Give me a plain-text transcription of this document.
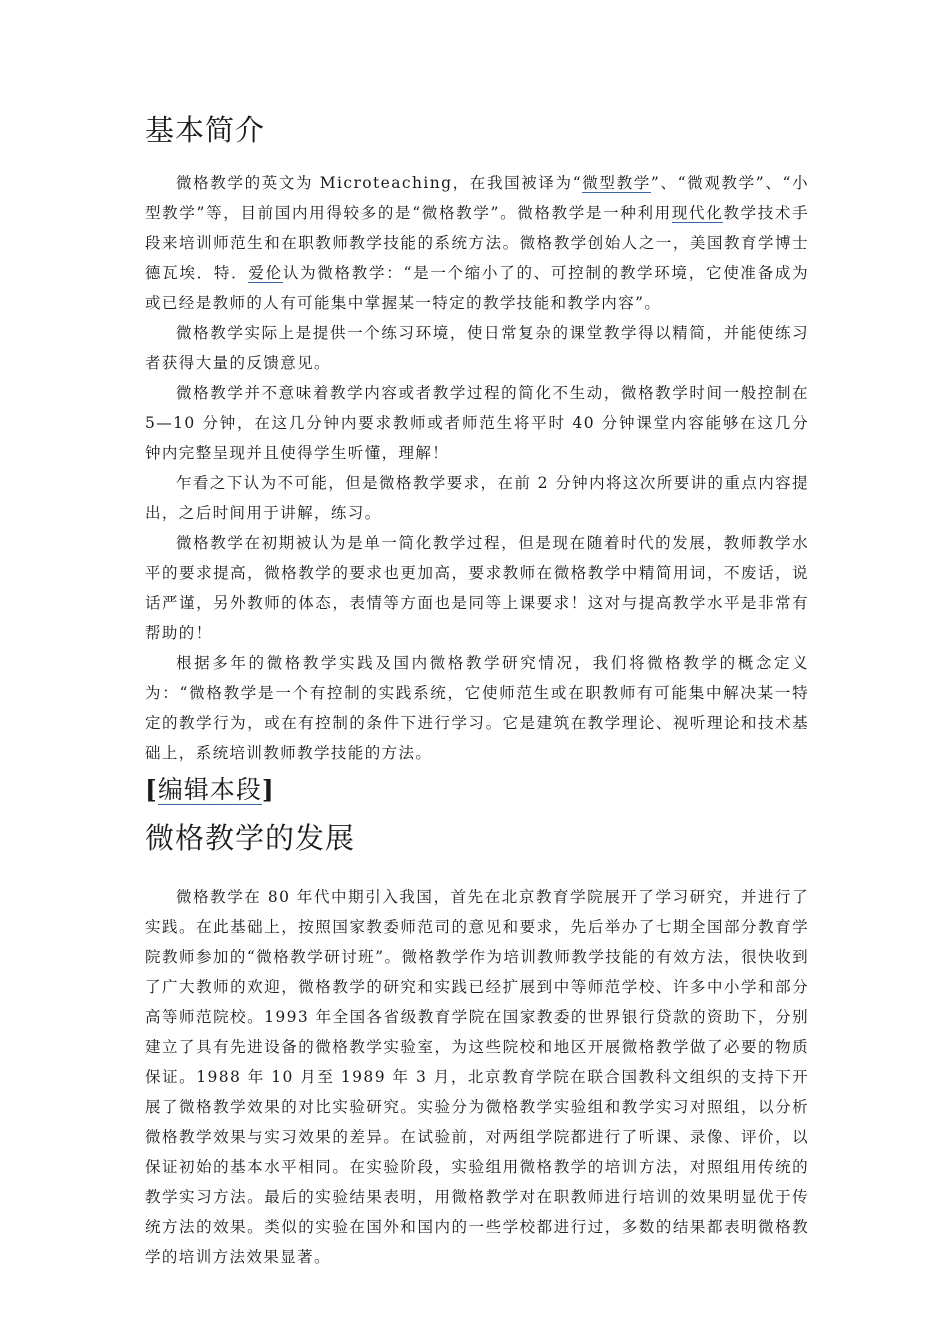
基本简介

微格教学的英文为 Microteaching，在我国被译为“微型教学”、“微观教学”、“小型教学”等，目前国内用得较多的是“微格教学”。微格教学是一种利用现代化教学技术手段来培训师范生和在职教师教学技能的系统方法。微格教学创始人之一，美国教育学博士德瓦埃．特．爱伦认为微格教学：“是一个缩小了的、可控制的教学环境，它使准备成为或已经是教师的人有可能集中掌握某一特定的教学技能和教学内容”。

微格教学实际上是提供一个练习环境，使日常复杂的课堂教学得以精简，并能使练习者获得大量的反馈意见。

微格教学并不意味着教学内容或者教学过程的简化不生动，微格教学时间一般控制在 5—10 分钟，在这几分钟内要求教师或者师范生将平时 40 分钟课堂内容能够在这几分钟内完整呈现并且使得学生听懂，理解！

乍看之下认为不可能，但是微格教学要求，在前 2 分钟内将这次所要讲的重点内容提出，之后时间用于讲解，练习。

微格教学在初期被认为是单一简化教学过程，但是现在随着时代的发展，教师教学水平的要求提高，微格教学的要求也更加高，要求教师在微格教学中精简用词，不废话，说话严谨，另外教师的体态，表情等方面也是同等上课要求！这对与提高教学水平是非常有帮助的！

根据多年的微格教学实践及国内微格教学研究情况，我们将微格教学的概念定义为：“微格教学是一个有控制的实践系统，它使师范生或在职教师有可能集中解决某一特定的教学行为，或在有控制的条件下进行学习。它是建筑在教学理论、视听理论和技术基础上，系统培训教师教学技能的方法。

[编辑本段]
微格教学的发展

微格教学在 80 年代中期引入我国，首先在北京教育学院展开了学习研究，并进行了实践。在此基础上，按照国家教委师范司的意见和要求，先后举办了七期全国部分教育学院教师参加的“微格教学研讨班”。微格教学作为培训教师教学技能的有效方法，很快收到了广大教师的欢迎，微格教学的研究和实践已经扩展到中等师范学校、许多中小学和部分高等师范院校。1993 年全国各省级教育学院在国家教委的世界银行贷款的资助下，分别建立了具有先进设备的微格教学实验室，为这些院校和地区开展微格教学做了必要的物质保证。1988 年 10 月至 1989 年 3 月，北京教育学院在联合国教科文组织的支持下开展了微格教学效果的对比实验研究。实验分为微格教学实验组和教学实习对照组，以分析微格教学效果与实习效果的差异。在试验前，对两组学院都进行了听课、录像、评价，以保证初始的基本水平相同。在实验阶段，实验组用微格教学的培训方法，对照组用传统的教学实习方法。最后的实验结果表明，用微格教学对在职教师进行培训的效果明显优于传统方法的效果。类似的实验在国外和国内的一些学校都进行过，多数的结果都表明微格教学的培训方法效果显著。
